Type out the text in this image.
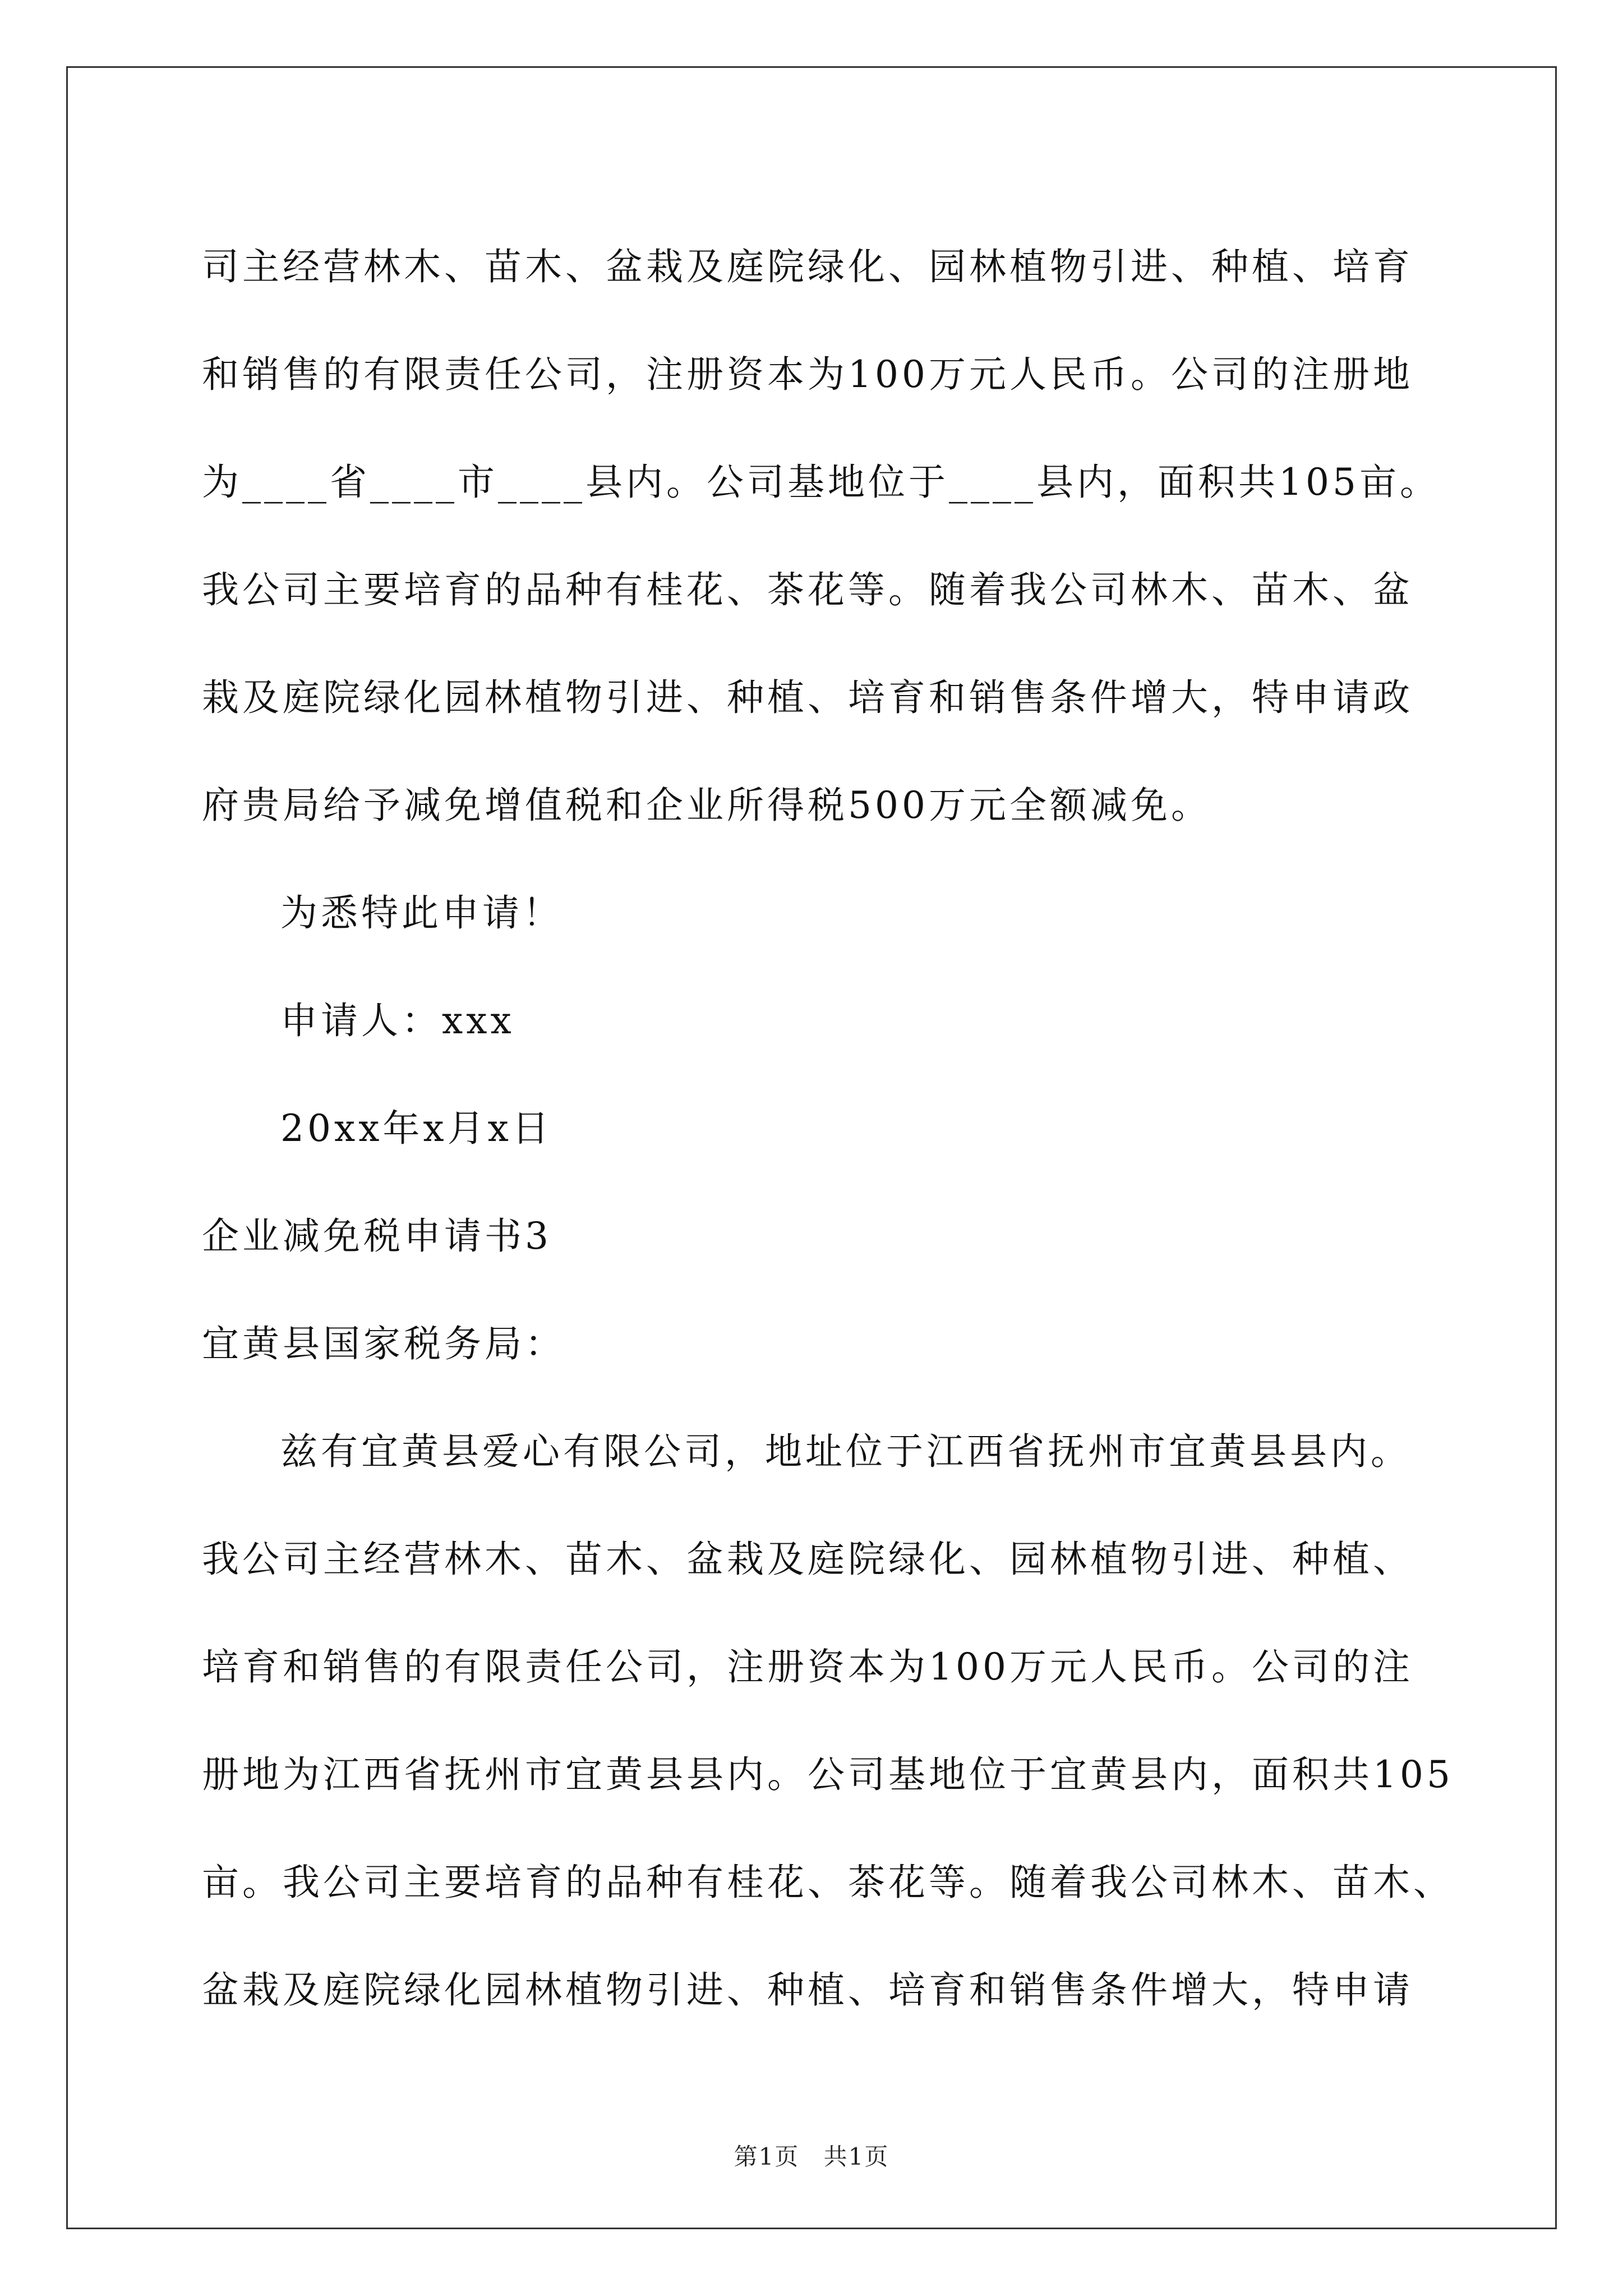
司主经营林木、苗木、盆栽及庭院绿化、园林植物引进、种植、培育
和销售的有限责任公司，注册资本为100万元人民币。公司的注册地
为____省____市____县内。公司基地位于____县内，面积共105亩。
我公司主要培育的品种有桂花、茶花等。随着我公司林木、苗木、盆
栽及庭院绿化园林植物引进、种植、培育和销售条件增大，特申请政
府贵局给予减免增值税和企业所得税500万元全额减免。
为悉特此申请！
申请人：xxx
20xx年x月x日
企业减免税申请书3
宜黄县国家税务局：
兹有宜黄县爱心有限公司，地址位于江西省抚州市宜黄县县内。
我公司主经营林木、苗木、盆栽及庭院绿化、园林植物引进、种植、
培育和销售的有限责任公司，注册资本为100万元人民币。公司的注
册地为江西省抚州市宜黄县县内。公司基地位于宜黄县内，面积共105
亩。我公司主要培育的品种有桂花、茶花等。随着我公司林木、苗木、
盆栽及庭院绿化园林植物引进、种植、培育和销售条件增大，特申请
第1页 共1页
